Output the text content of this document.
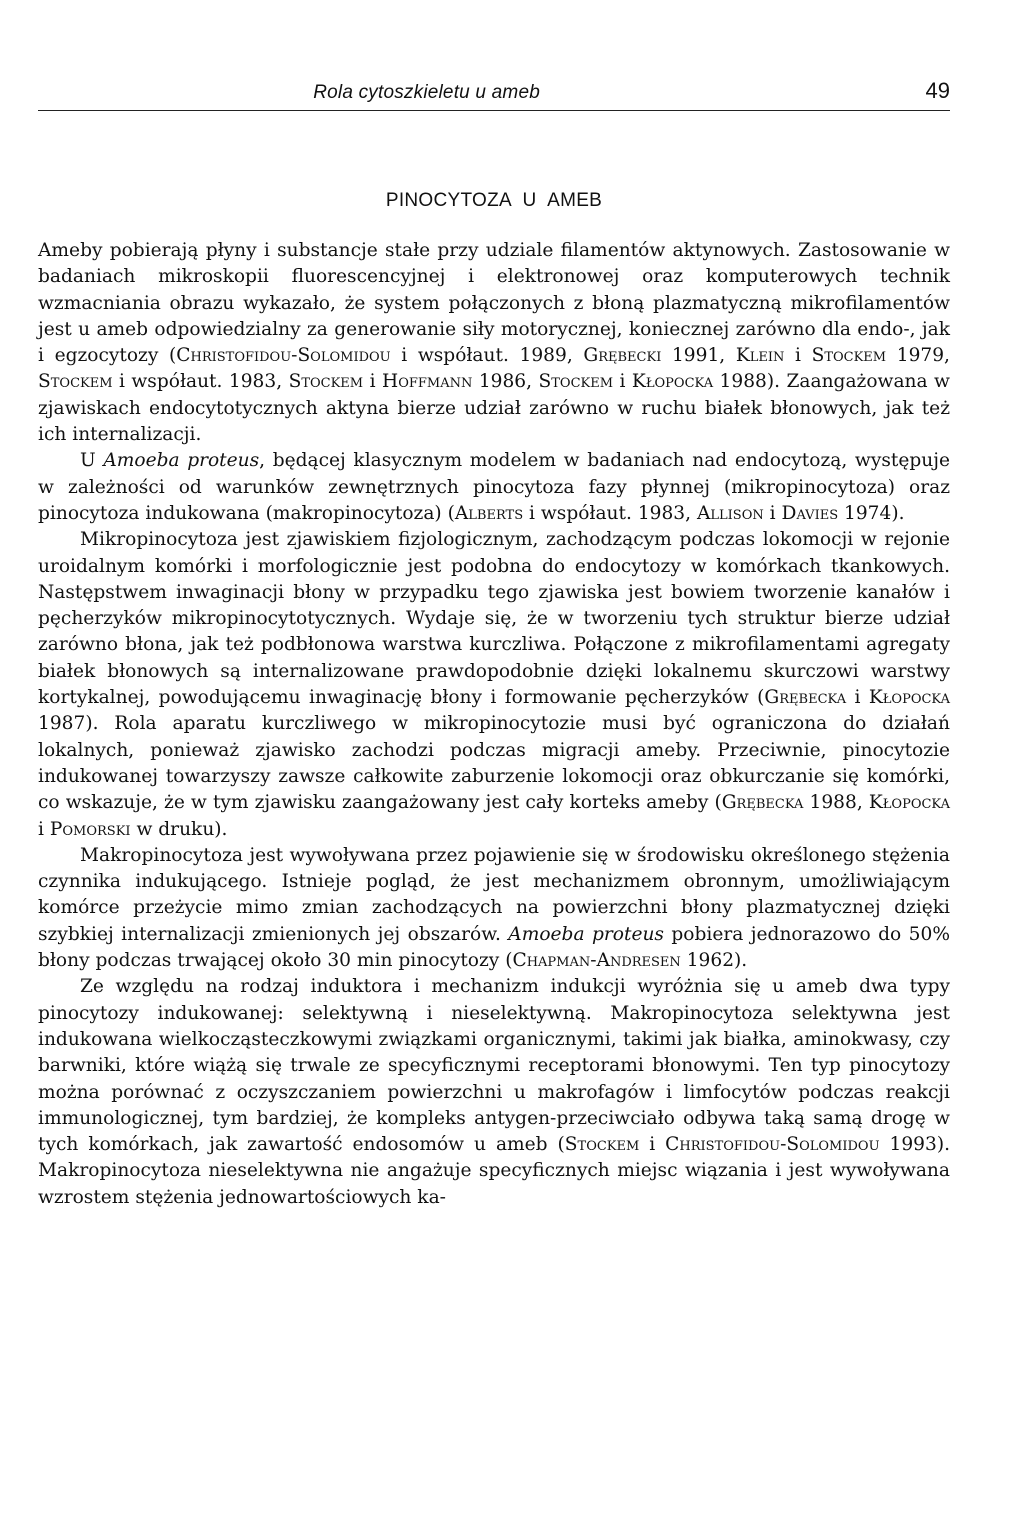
Rola cytoszkieletu u ameb	49
PINOCYTOZA U AMEB

Ameby pobierają płyny i substancje stałe przy udziale filamentów aktynowych. Zastosowanie w badaniach mikroskopii fluorescencyjnej i elektronowej oraz komputerowych technik wzmacniania obrazu wykazało, że system połączonych z błoną plazmatyczną mikrofilamentów jest u ameb odpowiedzialny za generowanie siły motorycznej, koniecznej zarówno dla endo-, jak i egzocytozy (Christofidou-Solomidou i współaut. 1989, Grębecki 1991, Klein i Stockem 1979, Stockem i współaut. 1983, Stockem i Hoffmann 1986, Stockem i Kłopocka 1988). Zaangażowana w zjawiskach endocytotycznych aktyna bierze udział zarówno w ruchu białek błonowych, jak też ich internalizacji.

U Amoeba proteus, będącej klasycznym modelem w badaniach nad endocytozą, występuje w zależności od warunków zewnętrznych pinocytoza fazy płynnej (mikropinocytoza) oraz pinocytoza indukowana (makropinocytoza) (Alberts i współaut. 1983, Allison i Davies 1974).

Mikropinocytoza jest zjawiskiem fizjologicznym, zachodzącym podczas lokomocji w rejonie uroidalnym komórki i morfologicznie jest podobna do endocytozy w komórkach tkankowych. Następstwem inwaginacji błony w przypadku tego zjawiska jest bowiem tworzenie kanałów i pęcherzyków mikropinocytotycznych. Wydaje się, że w tworzeniu tych struktur bierze udział zarówno błona, jak też podbłonowa warstwa kurczliwa. Połączone z mikrofilamentami agregaty białek błonowych są internalizowane prawdopodobnie dzięki lokalnemu skurczowi warstwy kortykalnej, powodującemu inwaginację błony i formowanie pęcherzyków (Grębecka i Kłopocka 1987). Rola aparatu kurczliwego w mikropinocytozie musi być ograniczona do działań lokalnych, ponieważ zjawisko zachodzi podczas migracji ameby. Przeciwnie, pinocytozie indukowanej towarzyszy zawsze całkowite zaburzenie lokomocji oraz obkurczanie się komórki, co wskazuje, że w tym zjawisku zaangażowany jest cały korteks ameby (Grębecka 1988, Kłopocka i Pomorski w druku).

Makropinocytoza jest wywoływana przez pojawienie się w środowisku określonego stężenia czynnika indukującego. Istnieje pogląd, że jest mechanizmem obronnym, umożliwiającym komórce przeżycie mimo zmian zachodzących na powierzchni błony plazmatycznej dzięki szybkiej internalizacji zmienionych jej obszarów. Amoeba proteus pobiera jednorazowo do 50% błony podczas trwającej około 30 min pinocytozy (Chapman-Andresen 1962).

Ze względu na rodzaj induktora i mechanizm indukcji wyróżnia się u ameb dwa typy pinocytozy indukowanej: selektywną i nieselektywną. Makropinocytoza selektywna jest indukowana wielkocząsteczkowymi związkami organicznymi, takimi jak białka, aminokwasy, czy barwniki, które wiążą się trwale ze specyficznymi receptorami błonowymi. Ten typ pinocytozy można porównać z oczyszczaniem powierzchni u makrofagów i limfocytów podczas reakcji immunologicznej, tym bardziej, że kompleks antygen-przeciwciało odbywa taką samą drogę w tych komórkach, jak zawartość endosomów u ameb (Stockem i Christofidou-Solomidou 1993). Makropinocytoza nieselektywna nie angażuje specyficznych miejsc wiązania i jest wywoływana wzrostem stężenia jednowartościowych ka-
